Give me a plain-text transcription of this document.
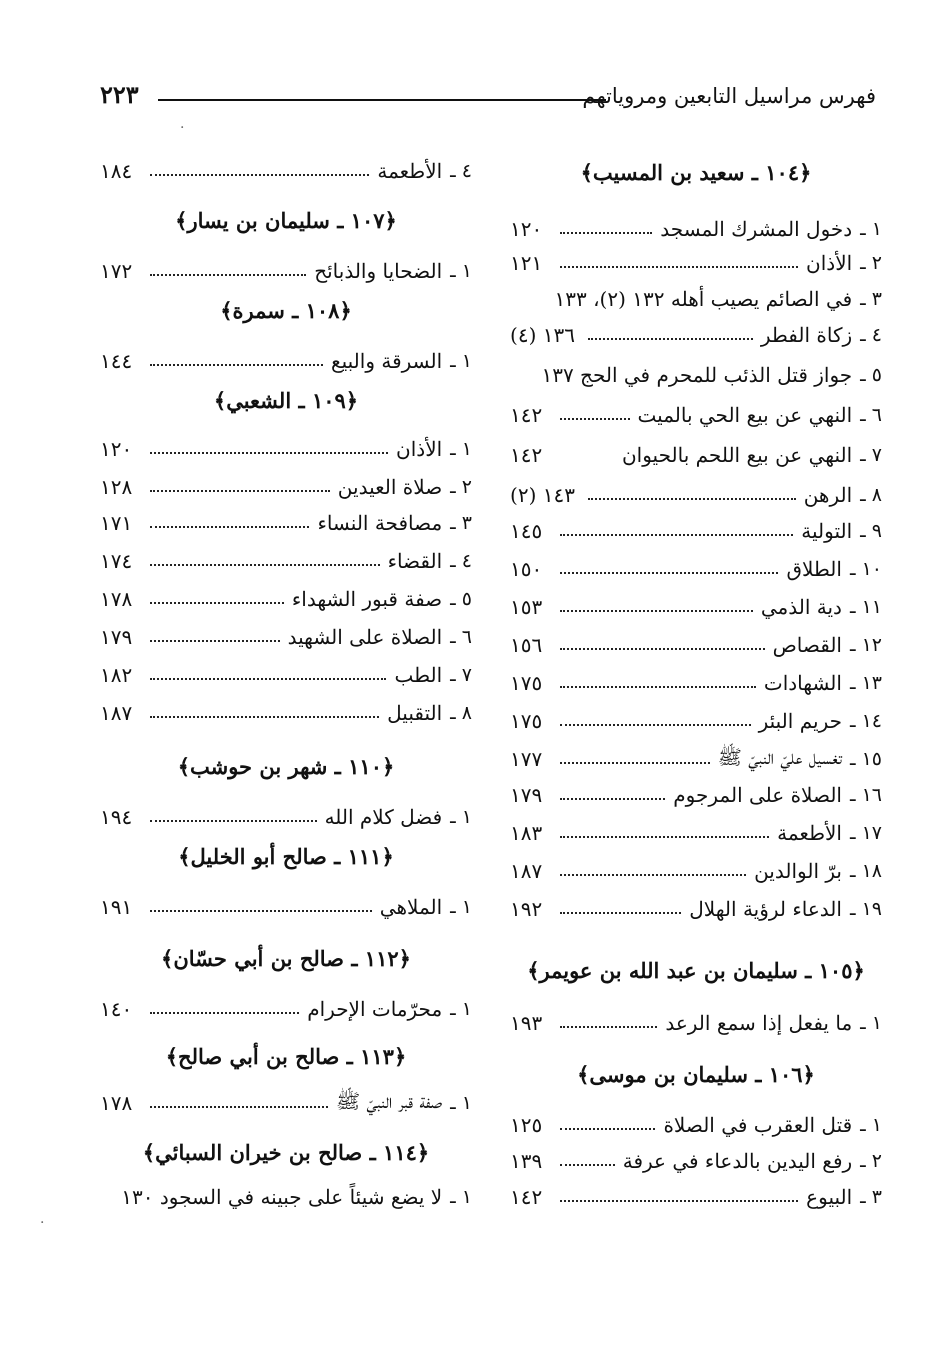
فهرس مراسيل التابعين ومروياتهم
٢٢٣
﴿١٠٤ ـ سعيد بن المسيب﴾
١ ـ
دخول المشرك المسجد
١٢٠
٢ ـ
الأذان
١٢١
٣ ـ
في الصائم يصيب أهله ١٣٢ (٢)، ١٣٣
٤ ـ
زكاة الفطر
١٣٦ (٤)
٥ ـ
جواز قتل الذئب للمحرم في الحج ١٣٧
٦ ـ
النهي عن بيع الحي بالميت
١٤٢
٧ ـ
النهي عن بيع اللحم بالحيوان
١٤٢
٨ ـ
الرهن
١٤٣ (٢)
٩ ـ
التولية
١٤٥
١٠ ـ
الطلاق
١٥٠
١١ ـ
دية الذمي
١٥٣
١٢ ـ
القصاص
١٥٦
١٣ ـ
الشهادات
١٧٥
١٤ ـ
حريم البئر
١٧٥
١٥ ـ
تغسيل عليّ النبيّ ﷺ
١٧٧
١٦ ـ
الصلاة على المرجوم
١٧٩
١٧ ـ
الأطعمة
١٨٣
١٨ ـ
برّ الوالدين
١٨٧
١٩ ـ
الدعاء لرؤية الهلال
١٩٢
﴿١٠٥ ـ سليمان بن عبد الله بن عويمر﴾
١ ـ
ما يفعل إذا سمع الرعد
١٩٣
﴿١٠٦ ـ سليمان بن موسى﴾
١ ـ
قتل العقرب في الصلاة
١٢٥
٢ ـ
رفع اليدين بالدعاء في عرفة
١٣٩
٣ ـ
البيوع
١٤٢
٤ ـ
الأطعمة
١٨٤
﴿١٠٧ ـ سليمان بن يسار﴾
١ ـ
الضحايا والذبائح
١٧٢
﴿١٠٨ ـ سمرة﴾
١ ـ
السرقة والبيع
١٤٤
﴿١٠٩ ـ الشعبي﴾
١ ـ
الأذان
١٢٠
٢ ـ
صلاة العيدين
١٢٨
٣ ـ
مصافحة النساء
١٧١
٤ ـ
القضاء
١٧٤
٥ ـ
صفة قبور الشهداء
١٧٨
٦ ـ
الصلاة على الشهيد
١٧٩
٧ ـ
الطب
١٨٢
٨ ـ
التقبيل
١٨٧
﴿١١٠ ـ شهر بن حوشب﴾
١ ـ
فضل كلام الله
١٩٤
﴿١١١ ـ صالح أبو الخليل﴾
١ ـ
الملاهي
١٩١
﴿١١٢ ـ صالح بن أبي حسّان﴾
١ ـ
محرّمات الإحرام
١٤٠
﴿١١٣ ـ صالح بن أبي صالح﴾
١ ـ
صفة قبر النبيّ ﷺ
١٧٨
﴿١١٤ ـ صالح بن خيران السبائي﴾
١ ـ
لا يضع شيئاً على جبينه في السجود ١٣٠
·
·
